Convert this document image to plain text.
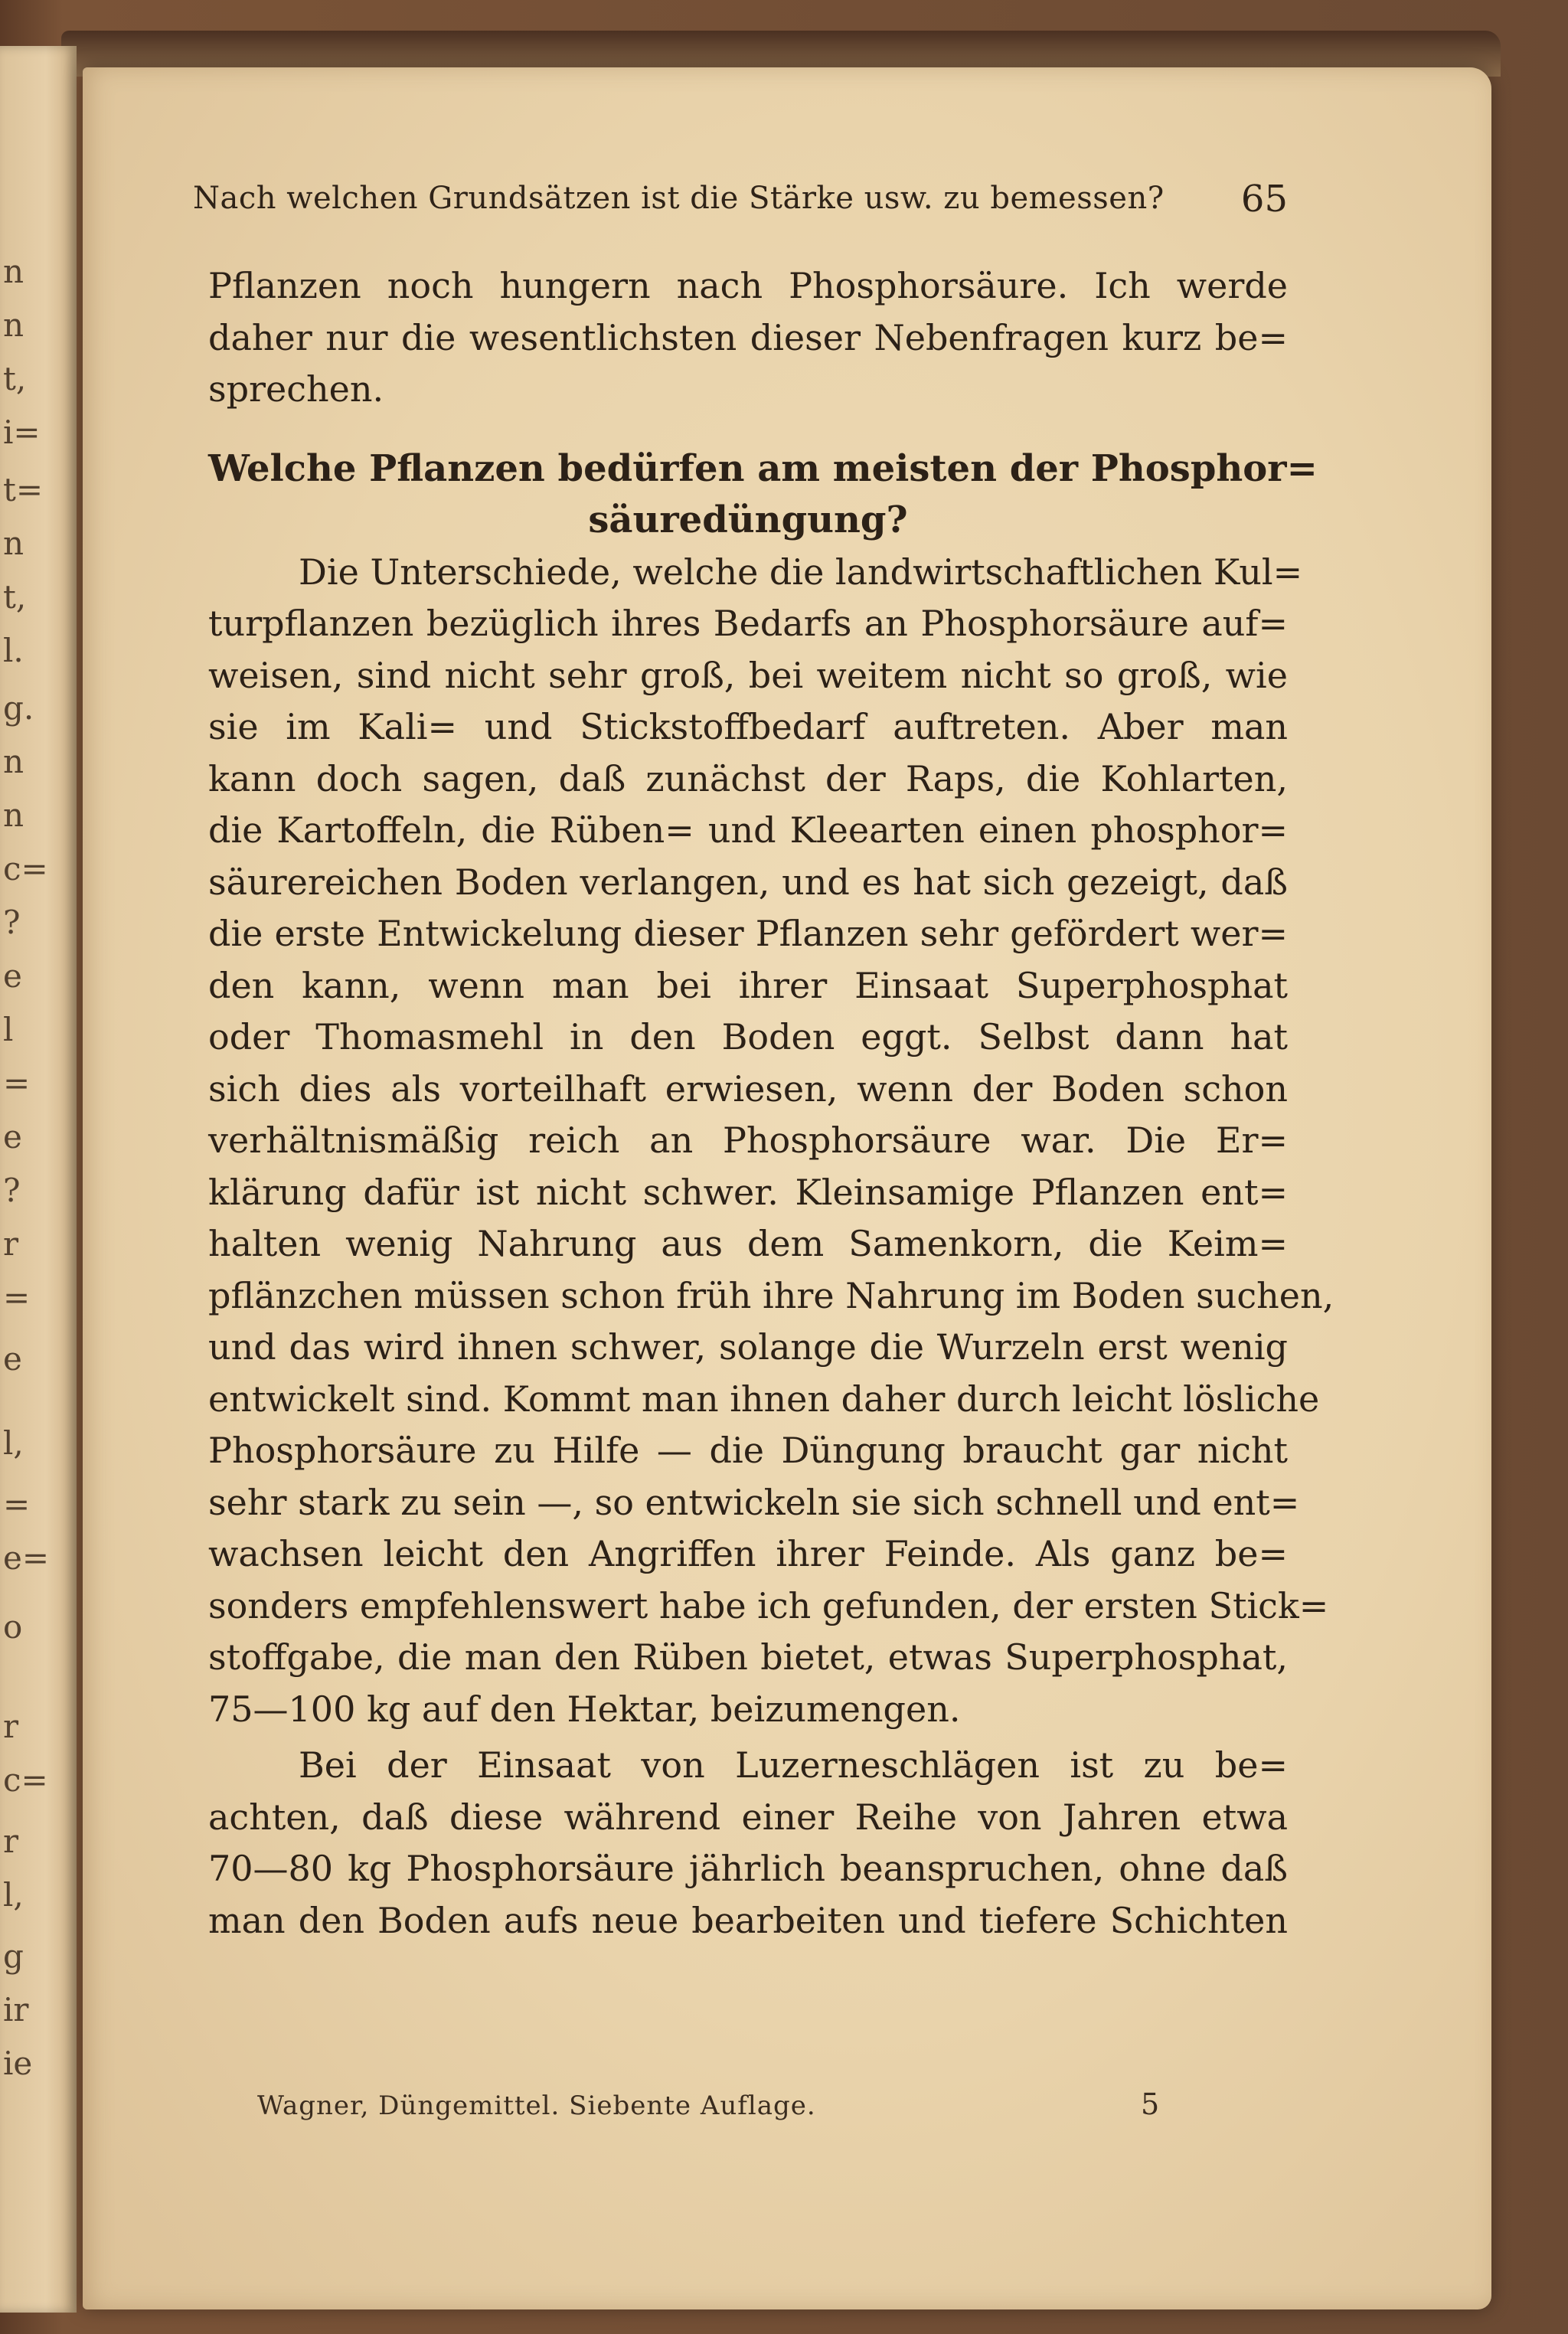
n
n
t,
i=
t=
n
t,
l.
g.
n
n
c=
?
e
l
=
e
?
r
=
e
l,
=
e=
o
r
c=
r
l,
g
ir
ie
Nach welchen Grundsätzen ist die Stärke usw. zu bemessen? 65
Pflanzen noch hungern nach Phosphorsäure. Ich werde
daher nur die wesentlichsten dieser Nebenfragen kurz be=
sprechen.
Welche Pflanzen bedürfen am meisten der Phosphor=
säuredüngung?
Die Unterschiede, welche die landwirtschaftlichen Kul=
turpflanzen bezüglich ihres Bedarfs an Phosphorsäure auf=
weisen, sind nicht sehr groß, bei weitem nicht so groß, wie
sie im Kali= und Stickstoffbedarf auftreten. Aber man
kann doch sagen, daß zunächst der Raps, die Kohlarten,
die Kartoffeln, die Rüben= und Kleearten einen phosphor=
säurereichen Boden verlangen, und es hat sich gezeigt, daß
die erste Entwickelung dieser Pflanzen sehr gefördert wer=
den kann, wenn man bei ihrer Einsaat Superphosphat
oder Thomasmehl in den Boden eggt. Selbst dann hat
sich dies als vorteilhaft erwiesen, wenn der Boden schon
verhältnismäßig reich an Phosphorsäure war. Die Er=
klärung dafür ist nicht schwer. Kleinsamige Pflanzen ent=
halten wenig Nahrung aus dem Samenkorn, die Keim=
pflänzchen müssen schon früh ihre Nahrung im Boden suchen,
und das wird ihnen schwer, solange die Wurzeln erst wenig
entwickelt sind. Kommt man ihnen daher durch leicht lösliche
Phosphorsäure zu Hilfe — die Düngung braucht gar nicht
sehr stark zu sein —, so entwickeln sie sich schnell und ent=
wachsen leicht den Angriffen ihrer Feinde. Als ganz be=
sonders empfehlenswert habe ich gefunden, der ersten Stick=
stoffgabe, die man den Rüben bietet, etwas Superphosphat,
75—100 kg auf den Hektar, beizumengen.
Bei der Einsaat von Luzerneschlägen ist zu be=
achten, daß diese während einer Reihe von Jahren etwa
70—80 kg Phosphorsäure jährlich beanspruchen, ohne daß
man den Boden aufs neue bearbeiten und tiefere Schichten
Wagner, Düngemittel. Siebente Auflage.	5
